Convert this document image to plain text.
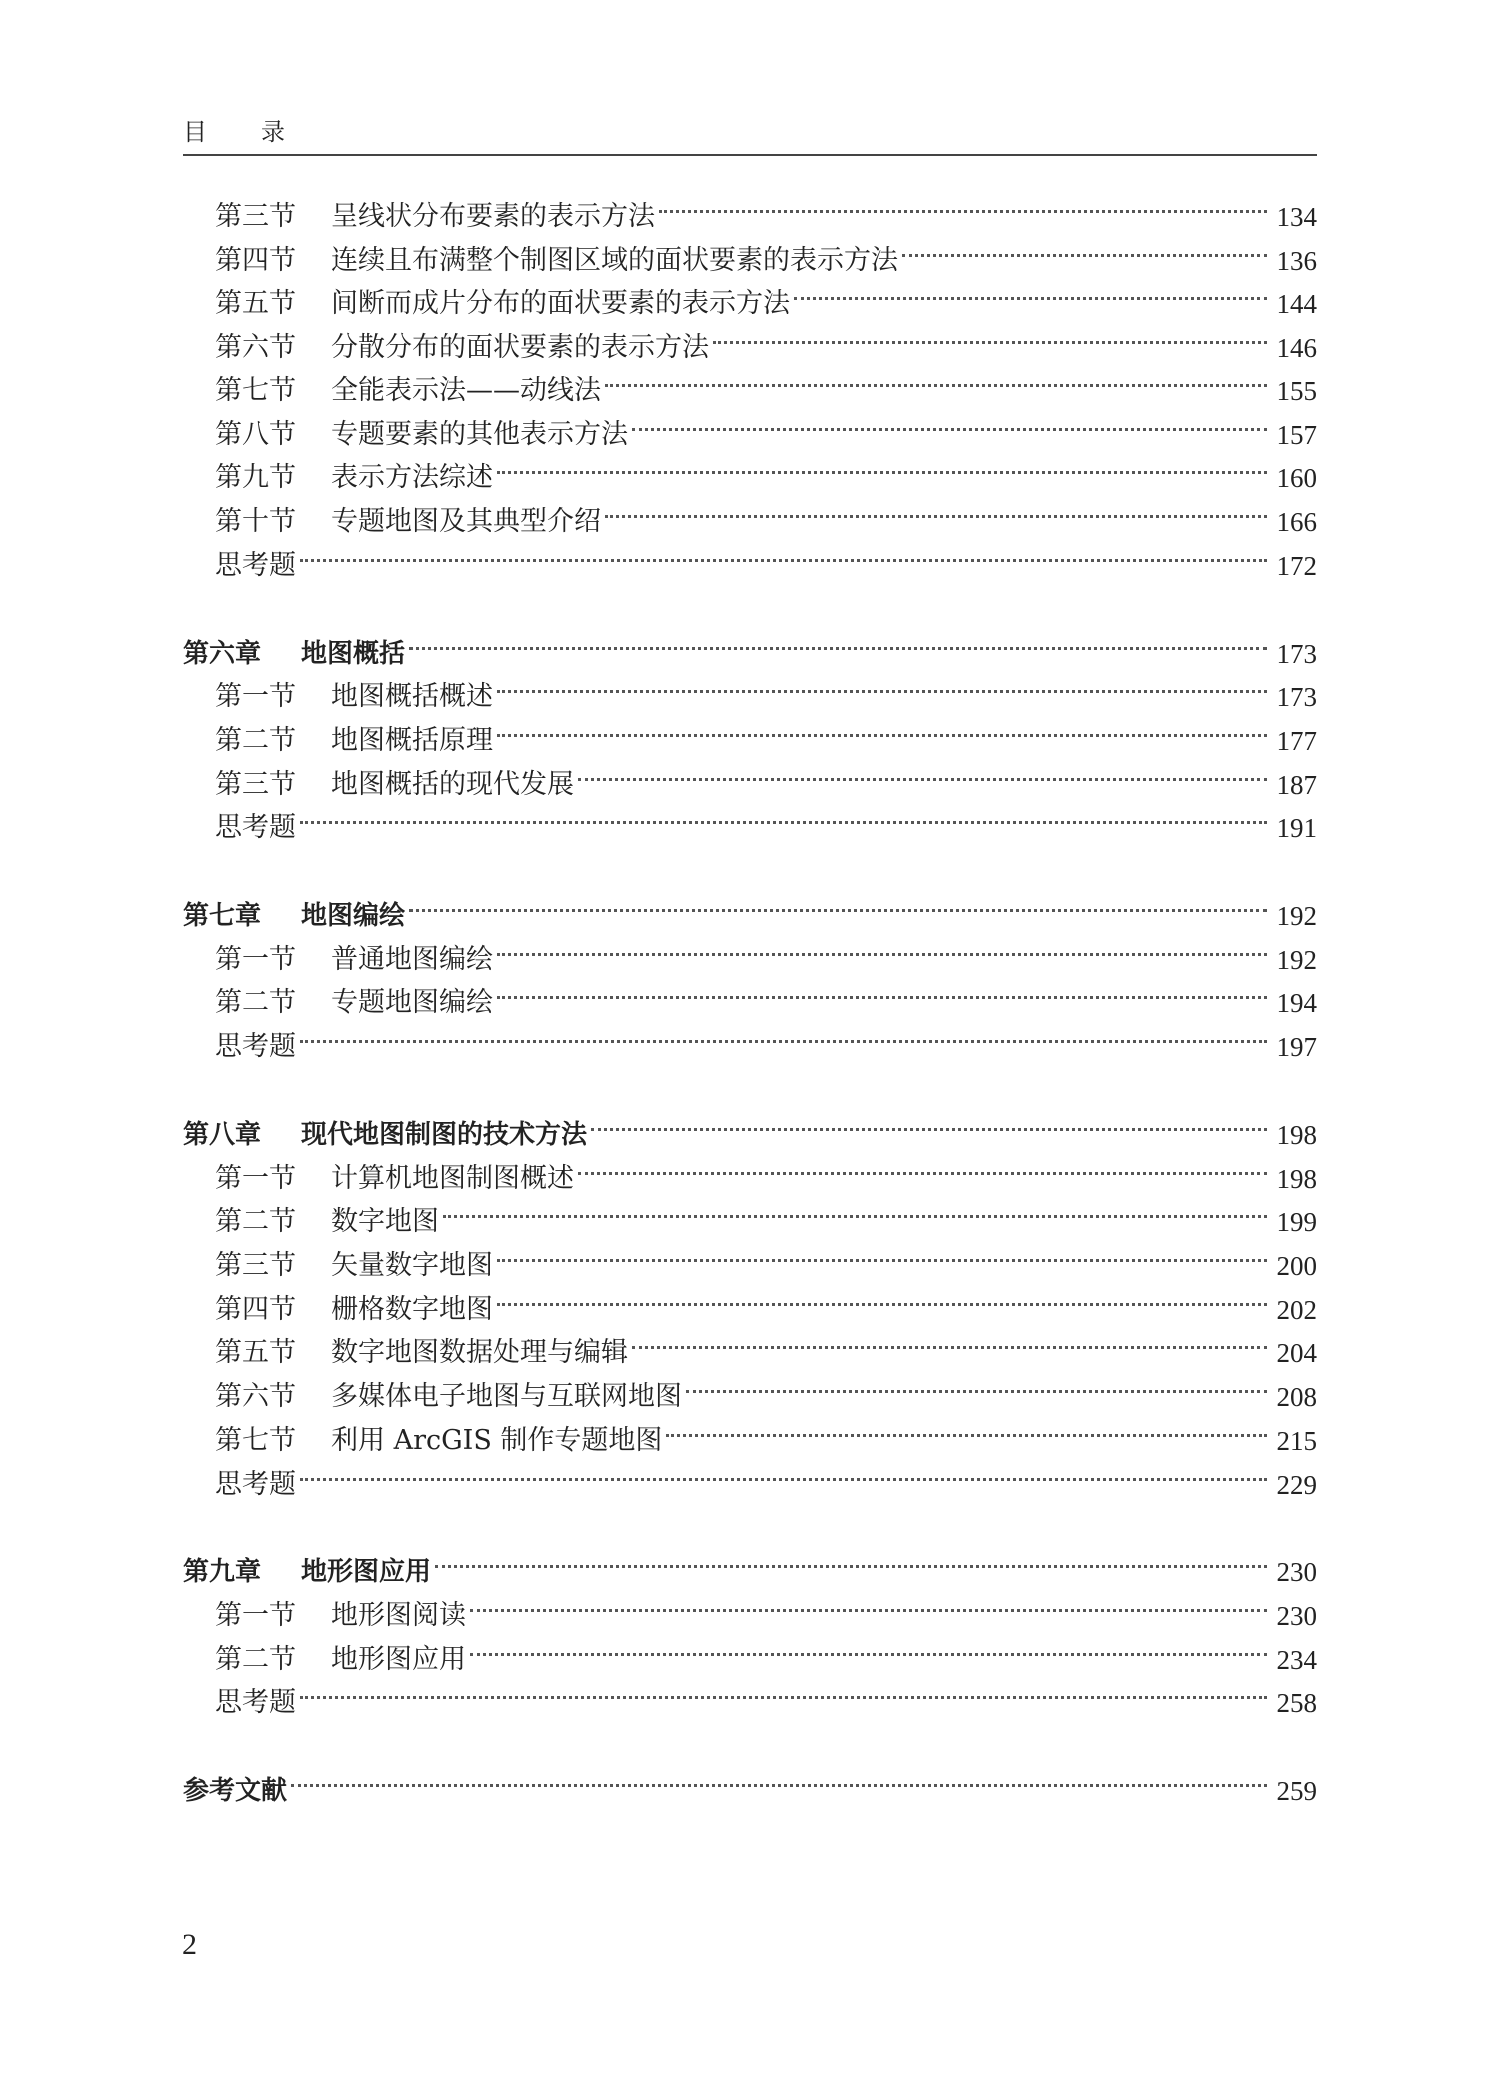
目 录
第三节 呈线状分布要素的表示方法	134
第四节 连续且布满整个制图区域的面状要素的表示方法	136
第五节 间断而成片分布的面状要素的表示方法	144
第六节 分散分布的面状要素的表示方法	146
第七节 全能表示法——动线法	155
第八节 专题要素的其他表示方法	157
第九节 表示方法综述	160
第十节 专题地图及其典型介绍	166
思考题	172
第六章 地图概括	173
第一节 地图概括概述	173
第二节 地图概括原理	177
第三节 地图概括的现代发展	187
思考题	191
第七章 地图编绘	192
第一节 普通地图编绘	192
第二节 专题地图编绘	194
思考题	197
第八章 现代地图制图的技术方法	198
第一节 计算机地图制图概述	198
第二节 数字地图	199
第三节 矢量数字地图	200
第四节 栅格数字地图	202
第五节 数字地图数据处理与编辑	204
第六节 多媒体电子地图与互联网地图	208
第七节 利用 ArcGIS 制作专题地图	215
思考题	229
第九章 地形图应用	230
第一节 地形图阅读	230
第二节 地形图应用	234
思考题	258
参考文献	259
2
